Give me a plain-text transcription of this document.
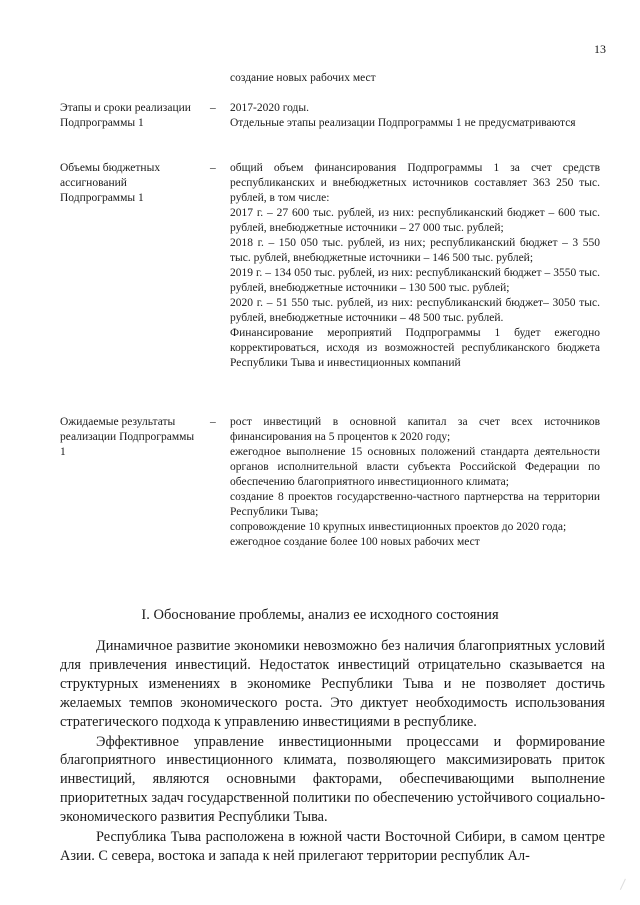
13
создание новых рабочих мест
Этапы и сроки реализации Подпрограммы 1
– 2017-2020 годы.

Отдельные этапы реализации Подпрограммы 1 не предусматриваются

Объемы бюджетных ассигнований Подпрограммы 1
– общий объем финансирования Подпрограммы 1 за счет средств республиканских и внебюджетных источников составляет 363 250 тыс. рублей, в том числе:

2017 г. – 27 600 тыс. рублей, из них: республиканский бюджет – 600 тыс. рублей, внебюджетные источники – 27 000 тыс. рублей;

2018 г. – 150 050 тыс. рублей, из них; республиканский бюджет – 3 550 тыс. рублей, внебюджетные источники – 146 500 тыс. рублей;

2019 г. – 134 050 тыс. рублей, из них: республиканский бюджет – 3550 тыс. рублей, внебюджетные источники – 130 500 тыс. рублей;

2020 г. – 51 550 тыс. рублей, из них: республиканский бюджет– 3050 тыс. рублей, внебюджетные источники – 48 500 тыс. рублей.

Финансирование мероприятий Подпрограммы 1 будет ежегодно корректироваться, исходя из возможностей республиканского бюджета Республики Тыва и инвестиционных компаний

Ожидаемые результаты реализации Подпрограммы 1
– рост инвестиций в основной капитал за счет всех источников финансирования на 5 процентов к 2020 году;

ежегодное выполнение 15 основных положений стандарта деятельности органов исполнительной власти субъекта Российской Федерации по обеспечению благоприятного инвестиционного климата;

создание 8 проектов государственно-частного партнерства на территории Республики Тыва;

сопровождение 10 крупных инвестиционных проектов до 2020 года;

ежегодное создание более 100 новых рабочих мест

I. Обоснование проблемы, анализ ее исходного состояния

Динамичное развитие экономики невозможно без наличия благоприятных условий для привлечения инвестиций. Недостаток инвестиций отрицательно сказывается на структурных изменениях в экономике Республики Тыва и не позволяет достичь желаемых темпов экономического роста. Это диктует необходимость использования стратегического подхода к управлению инвестициями в республике.

Эффективное управление инвестиционными процессами и формирование благоприятного инвестиционного климата, позволяющего максимизировать приток инвестиций, являются основными факторами, обеспечивающими выполнение приоритетных задач государственной политики по обеспечению устойчивого социально-экономического развития Республики Тыва.

Республика Тыва расположена в южной части Восточной Сибири, в самом центре Азии. С севера, востока и запада к ней прилегают территории республик Ал-
